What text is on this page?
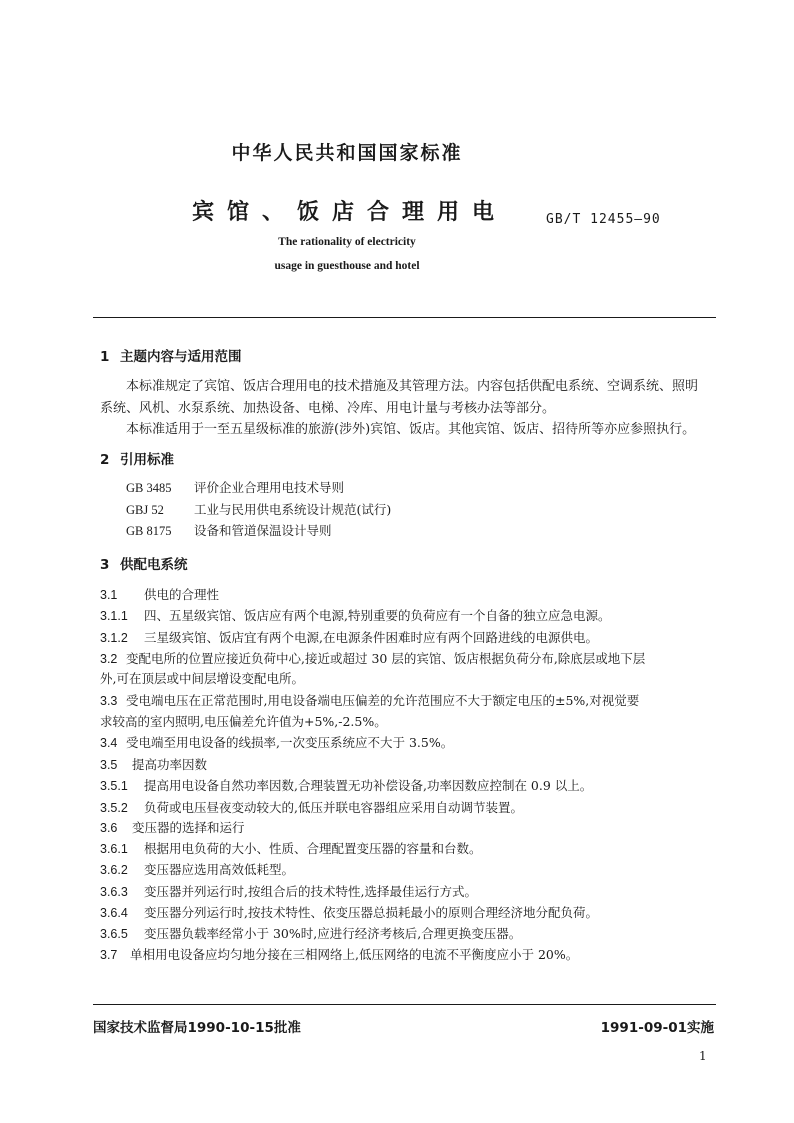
中华人民共和国国家标准
宾馆、饭店合理用电	GB/T 12455—90
The rationality of electricity
usage in guesthouse and hotel
1 主题内容与适用范围
本标准规定了宾馆、饭店合理用电的技术措施及其管理方法。内容包括供配电系统、空调系统、照明
系统、风机、水泵系统、加热设备、电梯、冷库、用电计量与考核办法等部分。
本标准适用于一至五星级标准的旅游(涉外)宾馆、饭店。其他宾馆、饭店、招待所等亦应参照执行。
2 引用标准
GB 3485 评价企业合理用电技术导则
GBJ 52 工业与民用供电系统设计规范(试行)
GB 8175 设备和管道保温设计导则
3 供配电系统
3.1 供电的合理性
3.1.1 四、五星级宾馆、饭店应有两个电源,特别重要的负荷应有一个自备的独立应急电源。
3.1.2 三星级宾馆、饭店宜有两个电源,在电源条件困难时应有两个回路进线的电源供电。
3.2 变配电所的位置应接近负荷中心,接近或超过 30 层的宾馆、饭店根据负荷分布,除底层或地下层
外,可在顶层或中间层增设变配电所。
3.3 受电端电压在正常范围时,用电设备端电压偏差的允许范围应不大于额定电压的±5%,对视觉要
求较高的室内照明,电压偏差允许值为+5%,-2.5%。
3.4 受电端至用电设备的线损率,一次变压系统应不大于 3.5%。
3.5 提高功率因数
3.5.1 提高用电设备自然功率因数,合理装置无功补偿设备,功率因数应控制在 0.9 以上。
3.5.2 负荷或电压昼夜变动较大的,低压并联电容器组应采用自动调节装置。
3.6 变压器的选择和运行
3.6.1 根据用电负荷的大小、性质、合理配置变压器的容量和台数。
3.6.2 变压器应选用高效低耗型。
3.6.3 变压器并列运行时,按组合后的技术特性,选择最佳运行方式。
3.6.4 变压器分列运行时,按技术特性、依变压器总损耗最小的原则合理经济地分配负荷。
3.6.5 变压器负载率经常小于 30%时,应进行经济考核后,合理更换变压器。
3.7 单相用电设备应均匀地分接在三相网络上,低压网络的电流不平衡度应小于 20%。
国家技术监督局1990-10-15批准	1991-09-01实施
1
